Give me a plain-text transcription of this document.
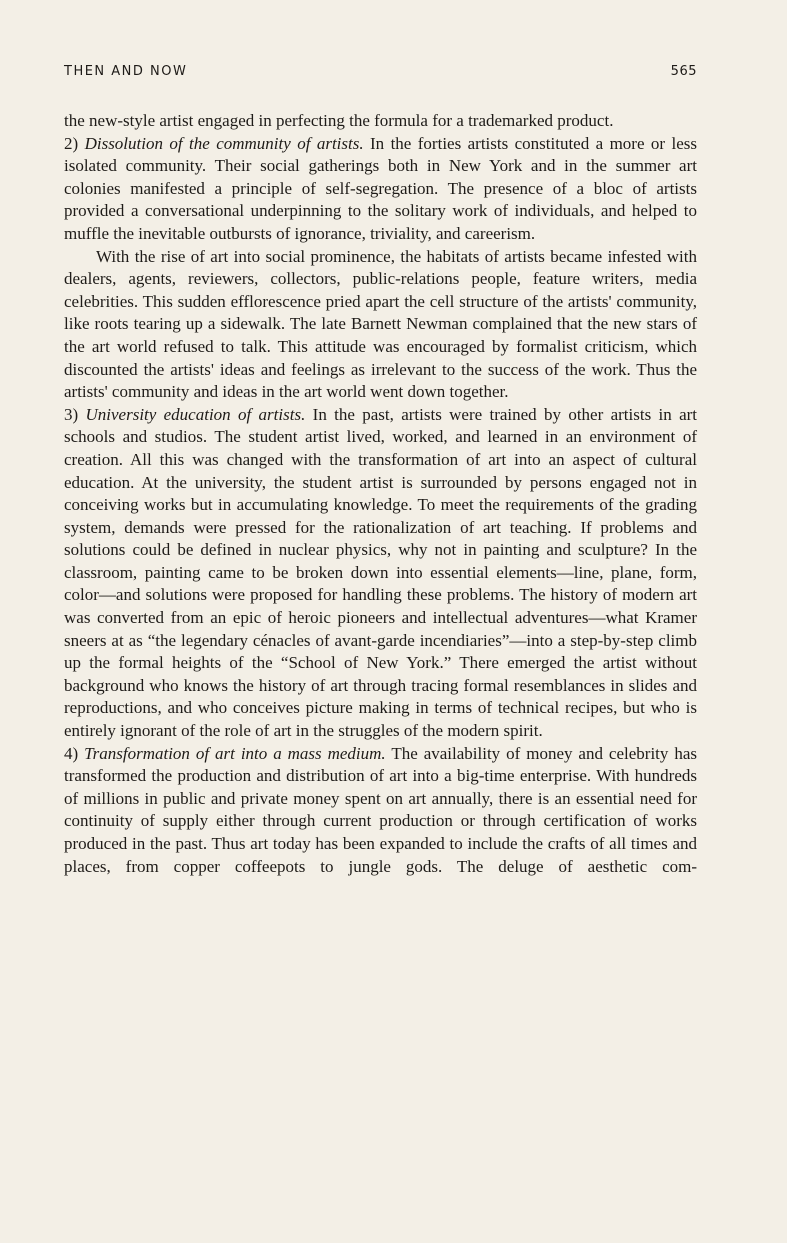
THEN AND NOW	565

the new-style artist engaged in perfecting the formula for a trademarked product.

2) Dissolution of the community of artists. In the forties artists constituted a more or less isolated community. Their social gatherings both in New York and in the summer art colonies manifested a principle of self-segregation. The presence of a bloc of artists provided a conversational underpinning to the solitary work of individuals, and helped to muffle the inevitable outbursts of ignorance, triviality, and careerism.

With the rise of art into social prominence, the habitats of artists became infested with dealers, agents, reviewers, collectors, public-relations people, feature writers, media celebrities. This sudden efflorescence pried apart the cell structure of the artists' community, like roots tearing up a sidewalk. The late Barnett Newman complained that the new stars of the art world refused to talk. This attitude was encouraged by formalist criticism, which discounted the artists' ideas and feelings as irrelevant to the success of the work. Thus the artists' community and ideas in the art world went down together.

3) University education of artists. In the past, artists were trained by other artists in art schools and studios. The student artist lived, worked, and learned in an environment of creation. All this was changed with the transformation of art into an aspect of cultural education. At the university, the student artist is surrounded by persons engaged not in conceiving works but in accumulating knowledge. To meet the requirements of the grading system, demands were pressed for the rationalization of art teaching. If problems and solutions could be defined in nuclear physics, why not in painting and sculpture? In the classroom, painting came to be broken down into essential elements—line, plane, form, color—and solutions were proposed for handling these problems. The history of modern art was converted from an epic of heroic pioneers and intellectual adventures—what Kramer sneers at as “the legendary cénacles of avant-garde incendiaries”—into a step-by-step climb up the formal heights of the “School of New York.” There emerged the artist without background who knows the history of art through tracing formal resemblances in slides and reproductions, and who conceives picture making in terms of technical recipes, but who is entirely ignorant of the role of art in the struggles of the modern spirit.

4) Transformation of art into a mass medium. The availability of money and celebrity has transformed the production and distribution of art into a big-time enterprise. With hundreds of millions in public and private money spent on art annually, there is an essential need for continuity of supply either through current production or through certification of works produced in the past. Thus art today has been expanded to include the crafts of all times and places, from copper coffeepots to jungle gods. The deluge of aesthetic com-
